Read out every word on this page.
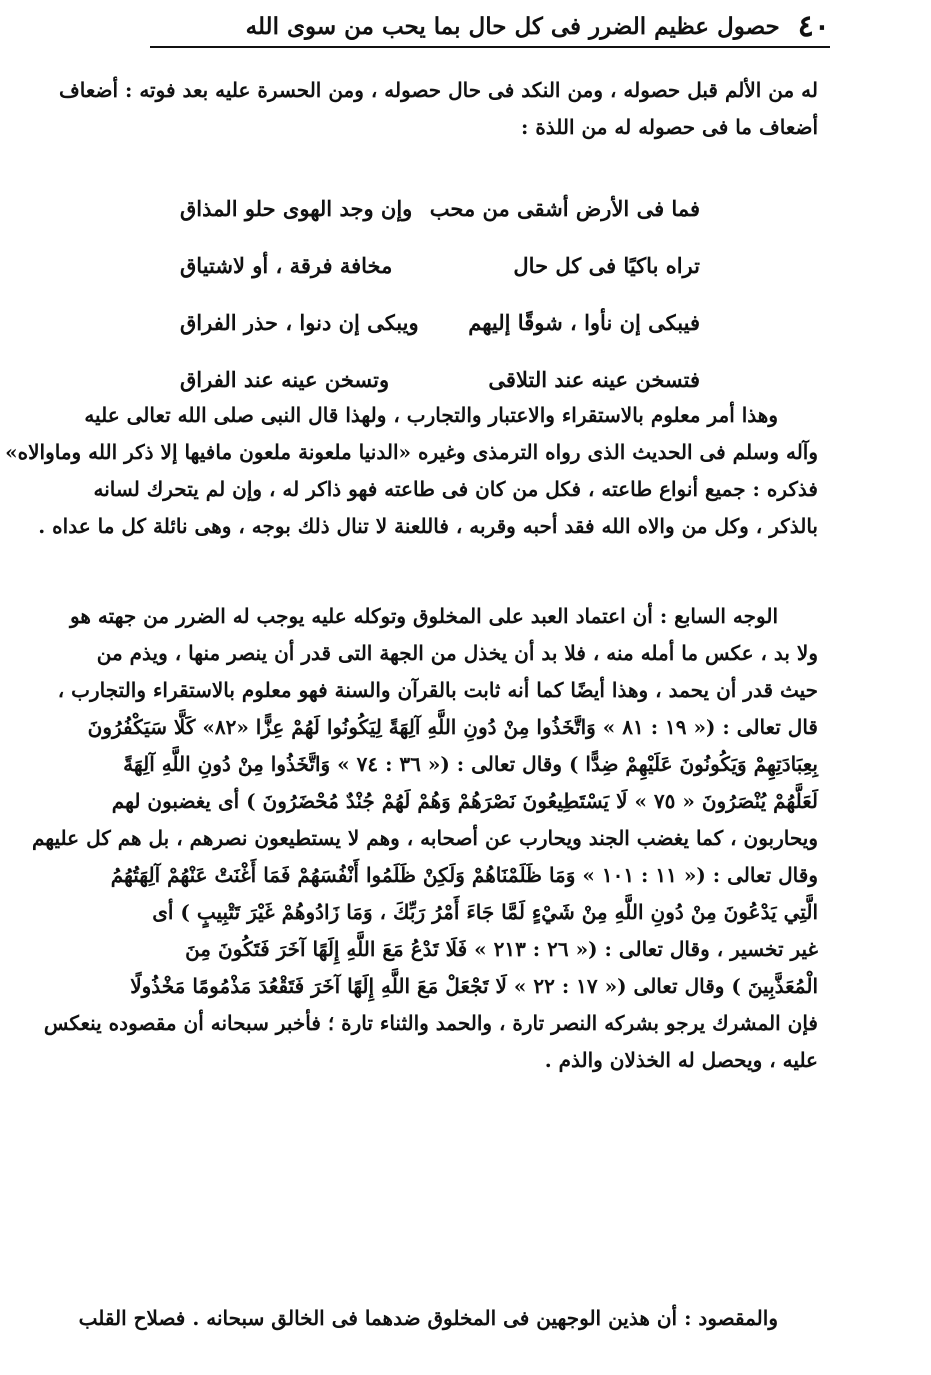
٤٠
حصول عظيم الضرر فى كل حال بما يحب من سوى الله
له من الألم قبل حصوله ، ومن النكد فى حال حصوله ، ومن الحسرة عليه بعد فوته : أضعاف
أضعاف ما فى حصوله له من اللذة :
فما فى الأرض أشقى من محب
وإن وجد الهوى حلو المذاق
تراه باكيًا فى كل حال
مخافة فرقة ، أو لاشتياق
فيبكى إن نأوا ، شوقًا إليهم
ويبكى إن دنوا ، حذر الفراق
فتسخن عينه عند التلاقى
وتسخن عينه عند الفراق
وهذا أمر معلوم بالاستقراء والاعتبار والتجارب ، ولهذا قال النبى صلى الله تعالى عليه
وآله وسلم فى الحديث الذى رواه الترمذى وغيره «الدنيا ملعونة ملعون مافيها إلا ذكر الله وماوالاه»
فذكره : جميع أنواع طاعته ، فكل من كان فى طاعته فهو ذاكر له ، وإن لم يتحرك لسانه
بالذكر ، وكل من والاه الله فقد أحبه وقربه ، فاللعنة لا تنال ذلك بوجه ، وهى نائلة كل ما عداه .
الوجه السابع : أن اعتماد العبد على المخلوق وتوكله عليه يوجب له الضرر من جهته هو
ولا بد ، عكس ما أمله منه ، فلا بد أن يخذل من الجهة التى قدر أن ينصر منها ، ويذم من
حيث قدر أن يحمد ، وهذا أيضًا كما أنه ثابت بالقرآن والسنة فهو معلوم بالاستقراء والتجارب ،
قال تعالى : (« ١٩ : ٨١ » وَاتَّخَذُوا مِنْ دُونِ اللَّهِ آلِهَةً لِيَكُونُوا لَهُمْ عِزًّا «٨٢» كَلَّا سَيَكْفُرُونَ
بِعِبَادَتِهِمْ وَيَكُونُونَ عَلَيْهِمْ ضِدًّا ) وقال تعالى : (« ٣٦ : ٧٤ » وَاتَّخَذُوا مِنْ دُونِ اللَّهِ آلِهَةً
لَعَلَّهُمْ يُنْصَرُونَ « ٧٥ » لَا يَسْتَطِيعُونَ نَصْرَهُمْ وَهُمْ لَهُمْ جُنْدٌ مُحْضَرُونَ ) أى يغضبون لهم
ويحاربون ، كما يغضب الجند ويحارب عن أصحابه ، وهم لا يستطيعون نصرهم ، بل هم كل عليهم
وقال تعالى : (« ١١ : ١٠١ » وَمَا ظَلَمْنَاهُمْ وَلَكِنْ ظَلَمُوا أَنْفُسَهُمْ فَمَا أَغْنَتْ عَنْهُمْ آلِهَتُهُمُ
الَّتِي يَدْعُونَ مِنْ دُونِ اللَّهِ مِنْ شَيْءٍ لَمَّا جَاءَ أَمْرُ رَبِّكَ ، وَمَا زَادُوهُمْ غَيْرَ تَتْبِيبٍ ) أى
غير تخسير ، وقال تعالى : (« ٢٦ : ٢١٣ » فَلَا تَدْعُ مَعَ اللَّهِ إِلَهًا آخَرَ فَتَكُونَ مِنَ
الْمُعَذَّبِينَ ) وقال تعالى (« ١٧ : ٢٢ » لَا تَجْعَلْ مَعَ اللَّهِ إِلَهًا آخَرَ فَتَقْعُدَ مَذْمُومًا مَخْذُولًا
فإن المشرك يرجو بشركه النصر تارة ، والحمد والثناء تارة ؛ فأخبر سبحانه أن مقصوده ينعكس
عليه ، ويحصل له الخذلان والذم .
والمقصود : أن هذين الوجهين فى المخلوق ضدهما فى الخالق سبحانه . فصلاح القلب
